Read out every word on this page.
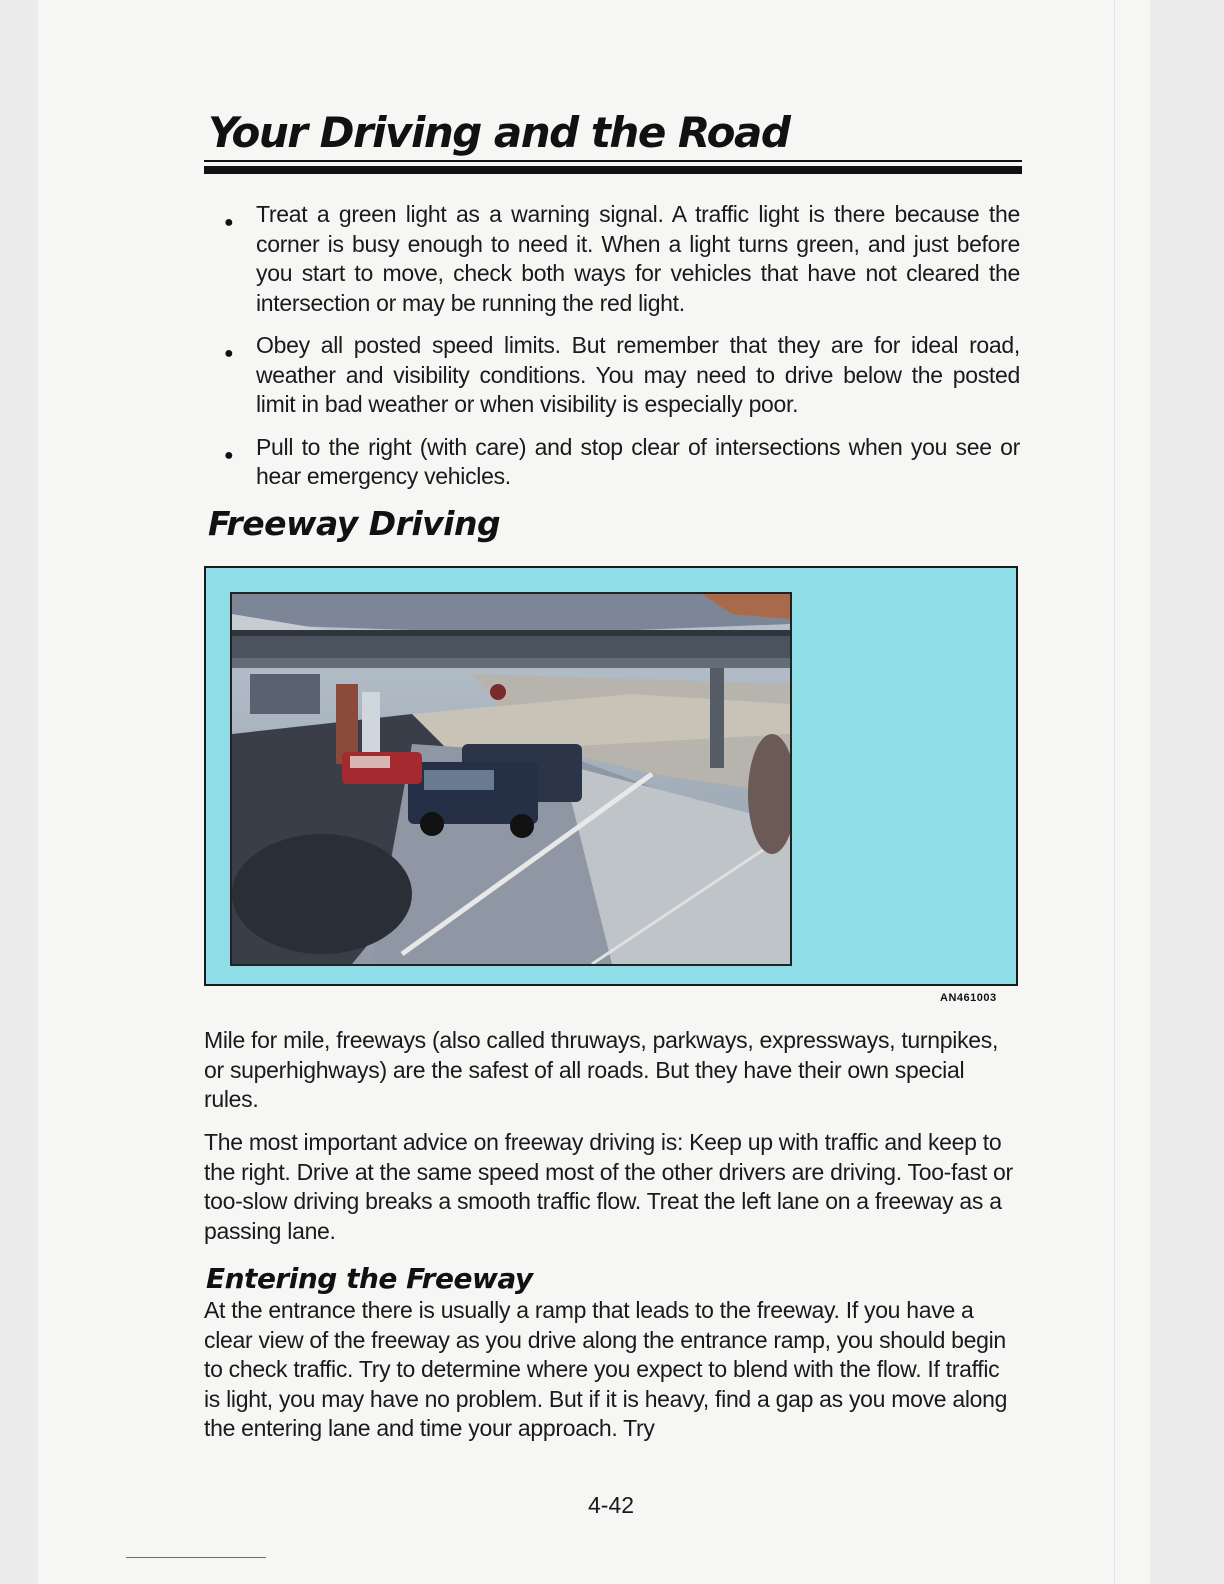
Your Driving and the Road
● Treat a green light as a warning signal. A traffic light is there because the corner is busy enough to need it. When a light turns green, and just before you start to move, check both ways for vehicles that have not cleared the intersection or may be running the red light.
● Obey all posted speed limits. But remember that they are for ideal road, weather and visibility conditions. You may need to drive below the posted limit in bad weather or when visibility is especially poor.
● Pull to the right (with care) and stop clear of intersections when you see or hear emergency vehicles.
Freeway Driving
AN461003

Mile for mile, freeways (also called thruways, parkways, expressways, turnpikes, or superhighways) are the safest of all roads. But they have their own special rules.

The most important advice on freeway driving is: Keep up with traffic and keep to the right. Drive at the same speed most of the other drivers are driving. Too-fast or too-slow driving breaks a smooth traffic flow. Treat the left lane on a freeway as a passing lane.

Entering the Freeway

At the entrance there is usually a ramp that leads to the freeway. If you have a clear view of the freeway as you drive along the entrance ramp, you should begin to check traffic. Try to determine where you expect to blend with the flow. If traffic is light, you may have no problem. But if it is heavy, find a gap as you move along the entering lane and time your approach. Try

4-42
